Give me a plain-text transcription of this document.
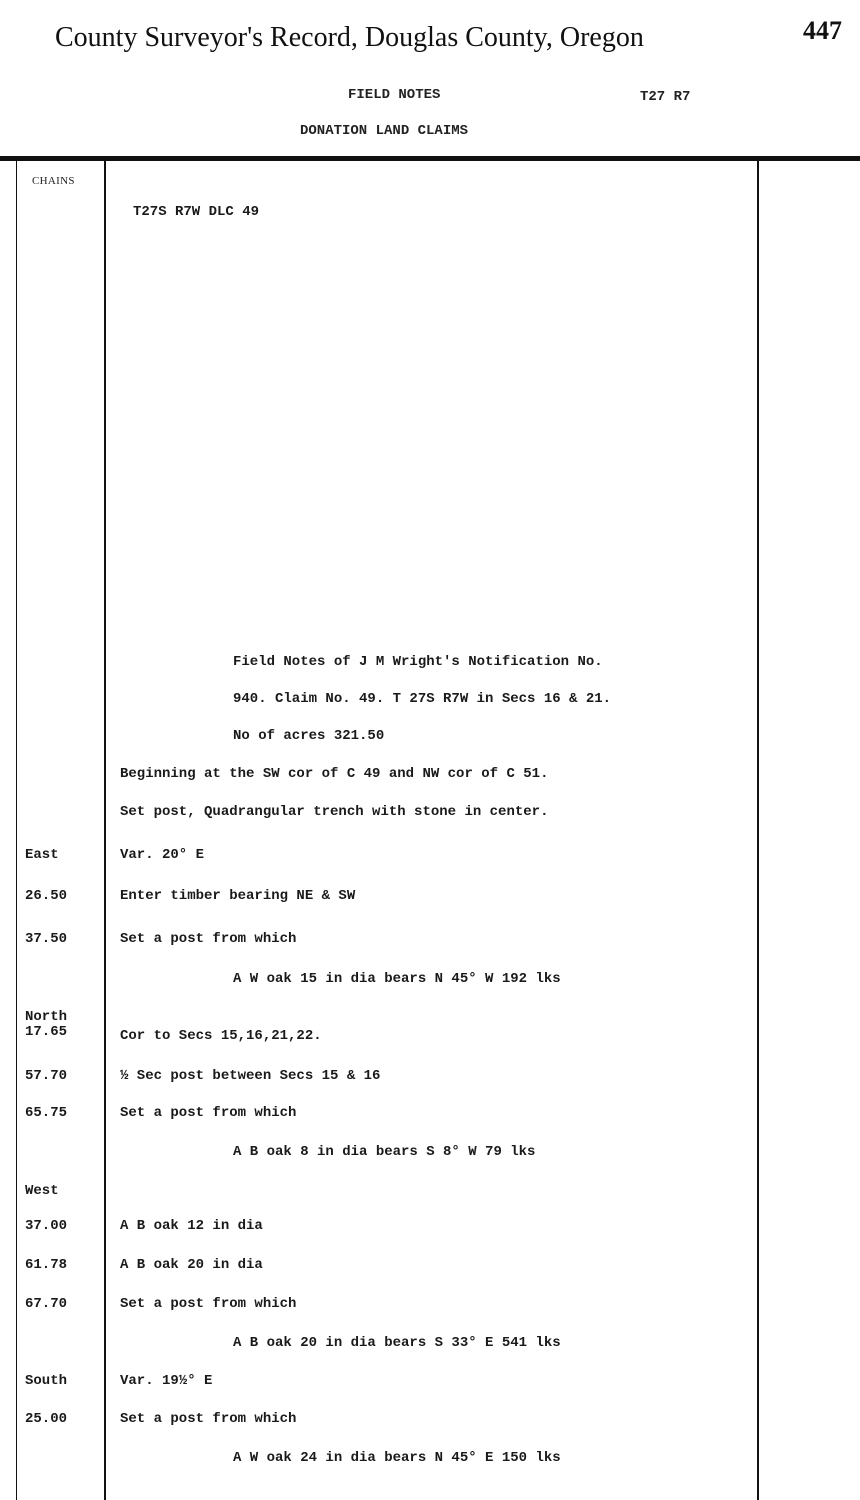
County Surveyor's Record, Douglas County, Oregon	447
FIELD NOTES	T27 R7
DONATION LAND CLAIMS
CHAINS
T27S R7W DLC 49
Field Notes of J M Wright's Notification No.
940. Claim No. 49. T 27S R7W in Secs 16 & 21.
No of acres 321.50
Beginning at the SW cor of C 49 and NW cor of C 51.
Set post, Quadrangular trench with stone in center.
East	Var. 20° E
26.50	Enter timber bearing NE & SW
37.50	Set a post from which
A W oak 15 in dia bears N 45° W 192 lks
North
17.65	Cor to Secs 15,16,21,22.
57.70	½ Sec post between Secs 15 & 16
65.75	Set a post from which
A B oak 8 in dia bears S 8° W 79 lks
West
37.00	A B oak 12 in dia
61.78	A B oak 20 in dia
67.70	Set a post from which
A B oak 20 in dia bears S 33° E 541 lks
South	Var. 19½° E
25.00	Set a post from which
A W oak 24 in dia bears N 45° E 150 lks
